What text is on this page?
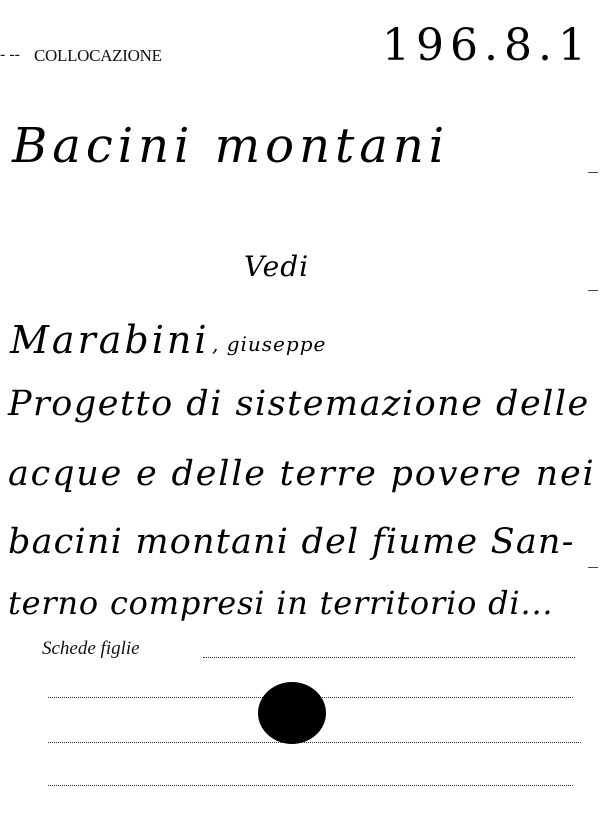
- -- COLLOCAZIONE	196.8.1
Bacini montani
Vedi
Marabini , giuseppe
Progetto di sistemazione delle
acque e delle terre povere nei
bacini montani del fiume San-
terno compresi in territorio di...
Schede figlie
